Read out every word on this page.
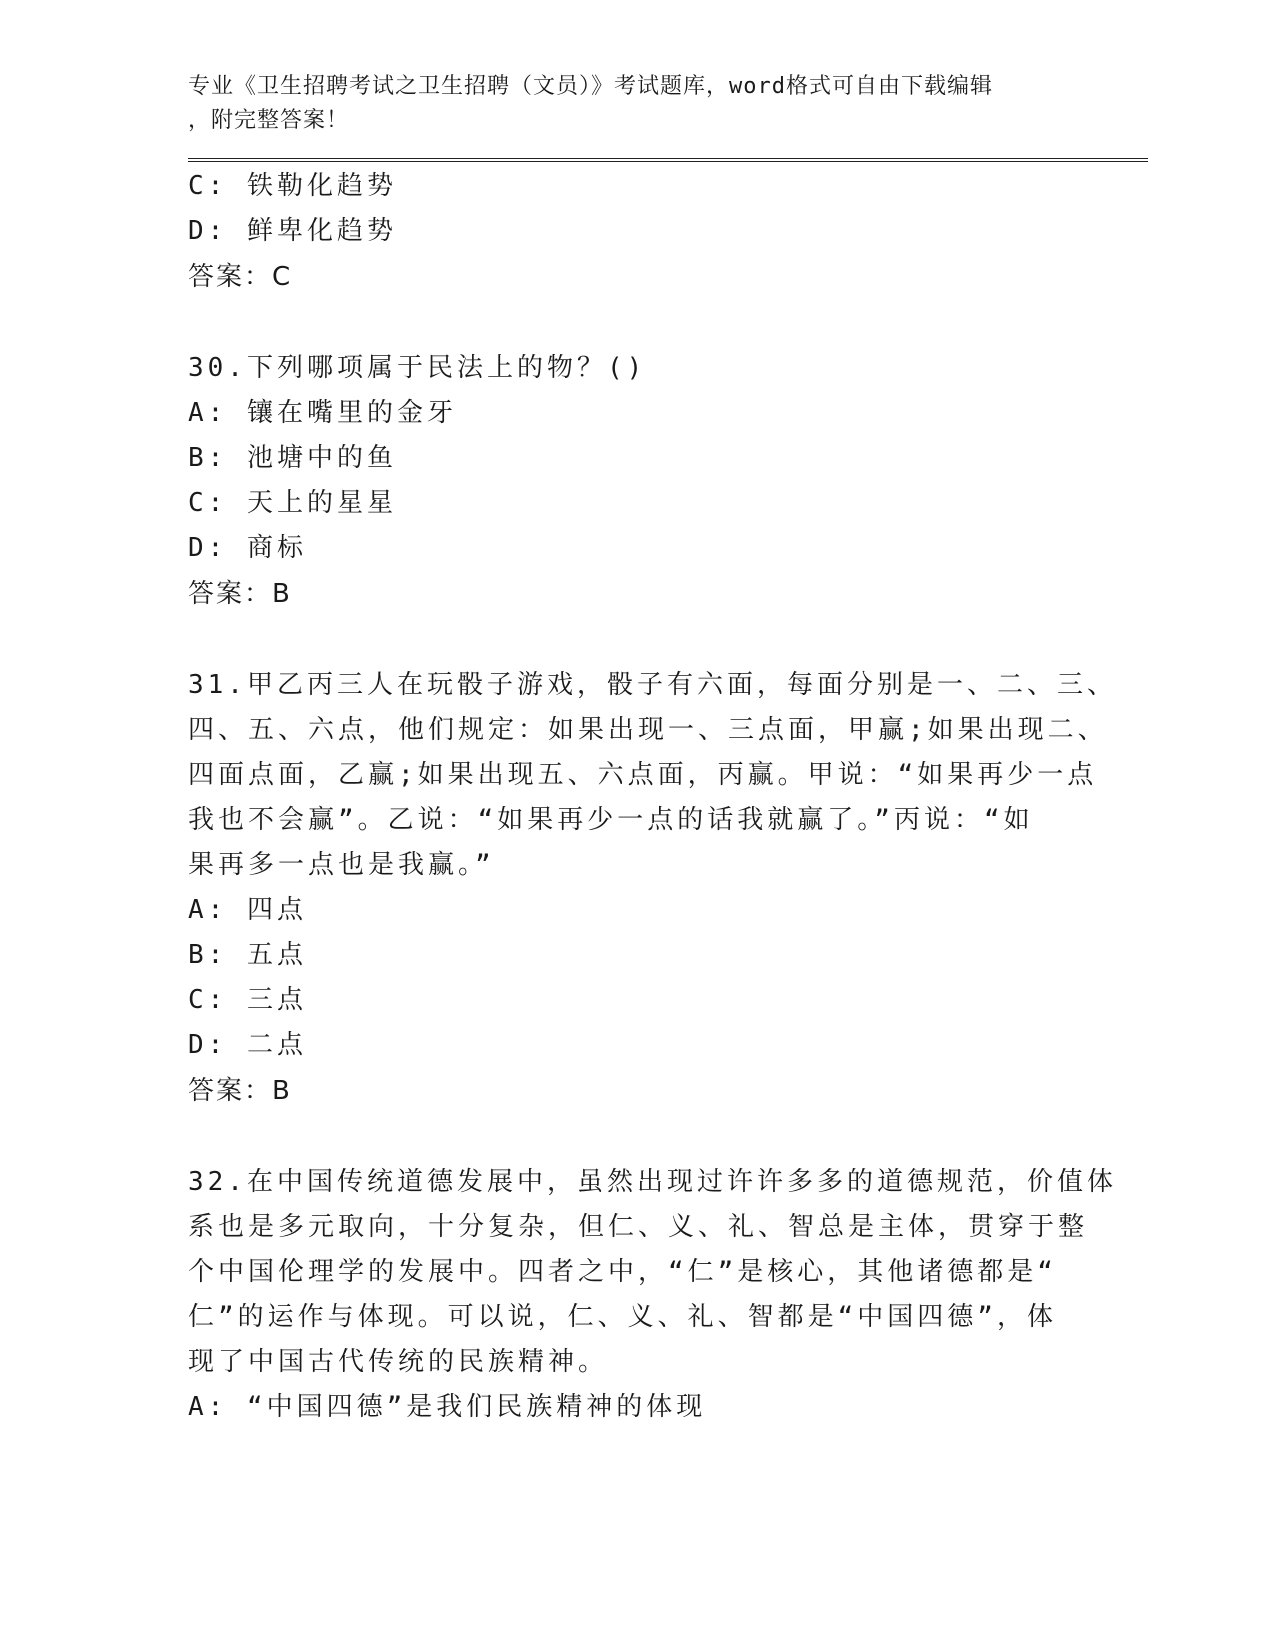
专业《卫生招聘考试之卫生招聘（文员）》考试题库，word格式可自由下载编辑
，附完整答案！
C: 铁勒化趋势
D: 鲜卑化趋势
答案：C
30.下列哪项属于民法上的物？()
A: 镶在嘴里的金牙
B: 池塘中的鱼
C: 天上的星星
D: 商标
答案：B
31.甲乙丙三人在玩骰子游戏，骰子有六面，每面分别是一、二、三、
四、五、六点，他们规定：如果出现一、三点面，甲赢;如果出现二、
四面点面，乙赢;如果出现五、六点面，丙赢。甲说：“如果再少一点
我也不会赢”。乙说：“如果再少一点的话我就赢了。”丙说：“如
果再多一点也是我赢。”
A: 四点
B: 五点
C: 三点
D: 二点
答案：B
32.在中国传统道德发展中，虽然出现过许许多多的道德规范，价值体
系也是多元取向，十分复杂，但仁、义、礼、智总是主体，贯穿于整
个中国伦理学的发展中。四者之中，“仁”是核心，其他诸德都是“
仁”的运作与体现。可以说，仁、义、礼、智都是“中国四德”，体
现了中国古代传统的民族精神。
A: “中国四德”是我们民族精神的体现
